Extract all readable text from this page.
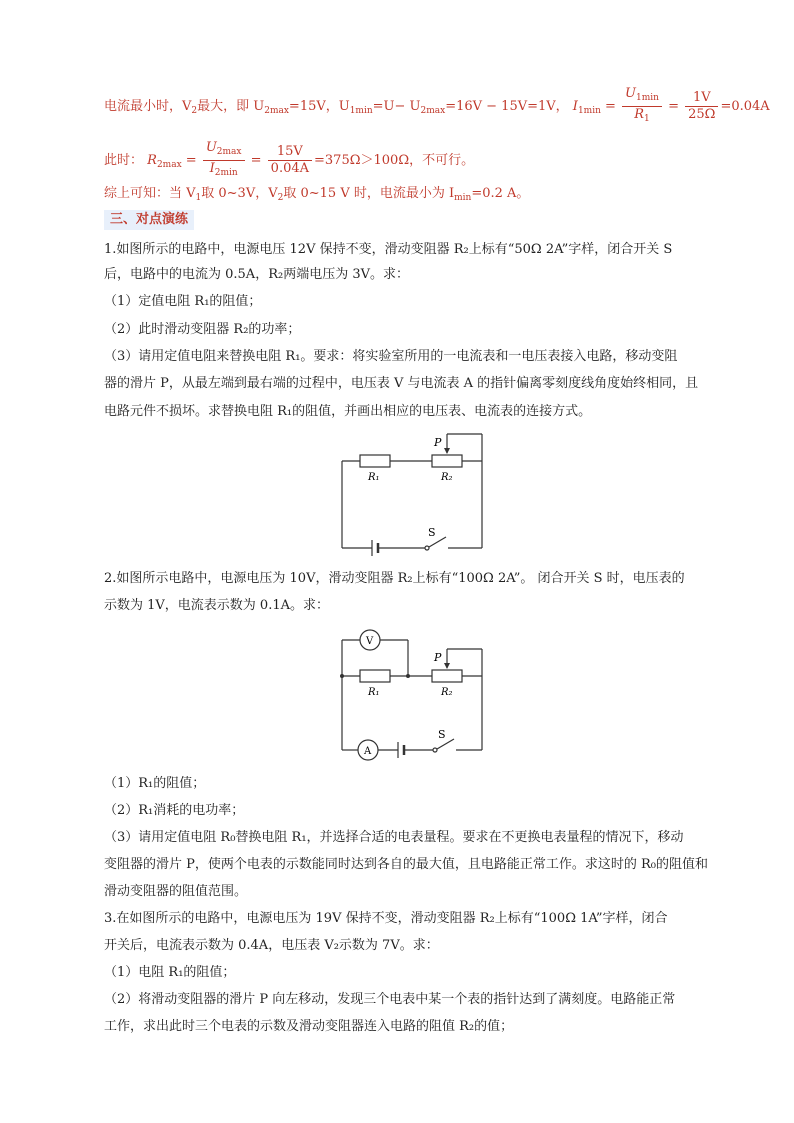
电流最小时，$V_2$最大，即 $U_{2max}=15V$，$U_{1min}=U- U_{2max}=16V - 15V=1V$， $I_{1min} = \frac{U_{1min}}{R_1} = \frac{1V}{25\Omega} =0.04A$
此时： $R_{2max} = \frac{U_{2max}}{I_{2min}} = \frac{15V}{0.04A} =375\Omega>100\Omega$，不可行。
综上可知：当 $V_1$取 0~3V，$V_2$取 0~15 V 时，电流最小为 $I_{min}=0.2$ A。
三、对点演练
1.如图所示的电路中，电源电压 12V 保持不变，滑动变阻器 R₂上标有“50Ω 2A”字样，闭合开关 S
后，电路中的电流为 0.5A，R₂两端电压为 3V。求：
（1）定值电阻 R₁的阻值；
（2）此时滑动变阻器 R₂的功率；
（3）请用定值电阻来替换电阻 R₁。要求：将实验室所用的一电流表和一电压表接入电路，移动变阻
器的滑片 P，从最左端到最右端的过程中，电压表 V 与电流表 A 的指针偏离零刻度线角度始终相同，且
电路元件不损坏。求替换电阻 R₁的阻值，并画出相应的电压表、电流表的连接方式。
P
R₁	R₂
S
2.如图所示电路中，电源电压为 10V，滑动变阻器 R₂上标有“100Ω 2A”。 闭合开关 S 时，电压表的
示数为 1V，电流表示数为 0.1A。求：
V
A
P
R₁	R₂
S
（1）R₁的阻值；
（2）R₁消耗的电功率；
（3）请用定值电阻 R₀替换电阻 R₁，并选择合适的电表量程。要求在不更换电表量程的情况下，移动
变阻器的滑片 P，使两个电表的示数能同时达到各自的最大值，且电路能正常工作。求这时的 R₀的阻值和
滑动变阻器的阻值范围。
3.在如图所示的电路中，电源电压为 19V 保持不变，滑动变阻器 R₂上标有“100Ω 1A”字样，闭合
开关后，电流表示数为 0.4A，电压表 V₂示数为 7V。求：
（1）电阻 R₁的阻值；
（2）将滑动变阻器的滑片 P 向左移动，发现三个电表中某一个表的指针达到了满刻度。电路能正常
工作，求出此时三个电表的示数及滑动变阻器连入电路的阻值 R₂的值；
